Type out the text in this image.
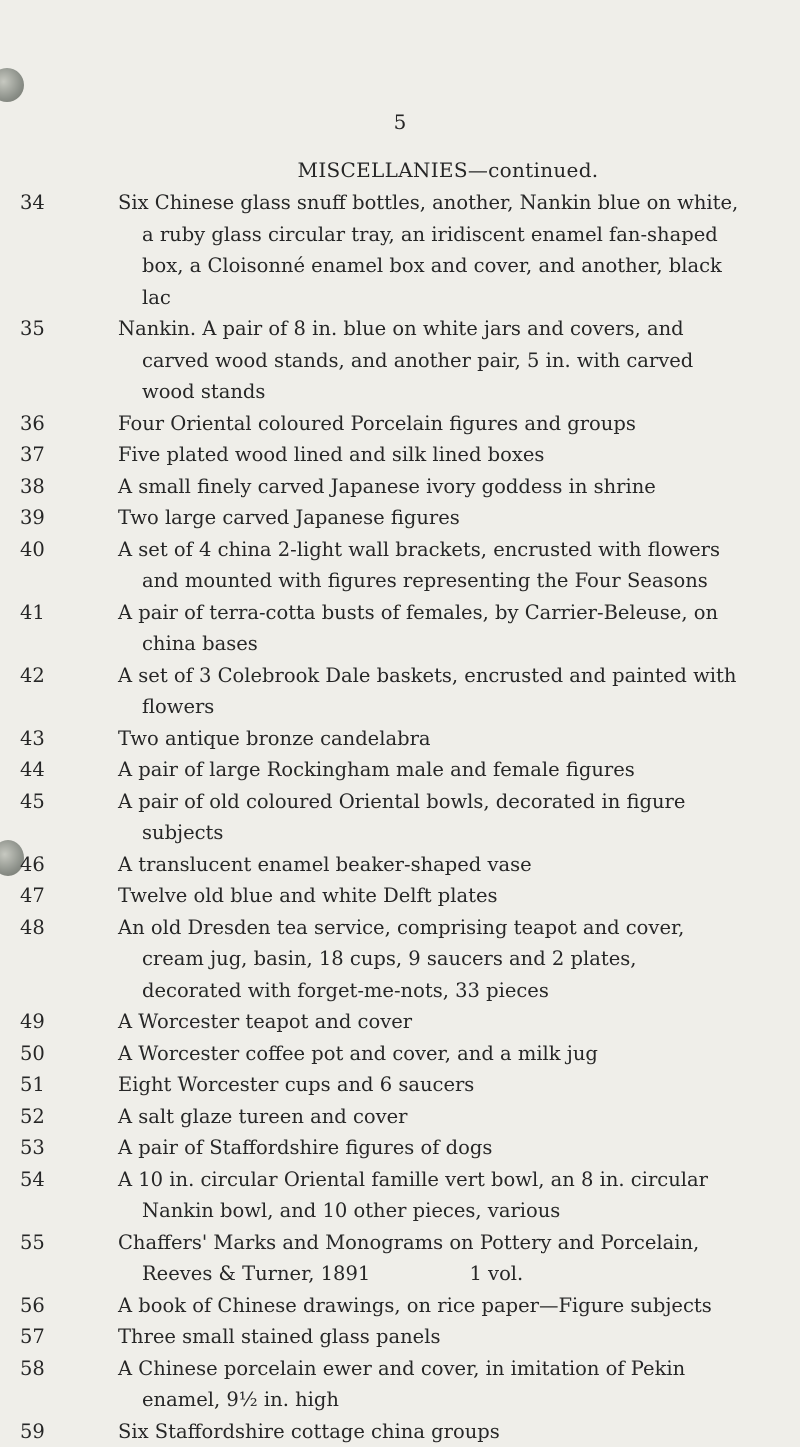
5
MISCELLANIES—continued.
34	Six Chinese glass snuff bottles, another, Nankin blue on white, a ruby glass circular tray, an iridiscent enamel fan-shaped box, a Cloisonné enamel box and cover, and another, black lac
35	Nankin. A pair of 8 in. blue on white jars and covers, and carved wood stands, and another pair, 5 in. with carved wood stands
36	Four Oriental coloured Porcelain figures and groups
37	Five plated wood lined and silk lined boxes
38	A small finely carved Japanese ivory goddess in shrine
39	Two large carved Japanese figures
40	A set of 4 china 2-light wall brackets, encrusted with flowers and mounted with figures representing the Four Seasons
41	A pair of terra-cotta busts of females, by Carrier-Beleuse, on china bases
42	A set of 3 Colebrook Dale baskets, encrusted and painted with flowers
43	Two antique bronze candelabra
44	A pair of large Rockingham male and female figures
45	A pair of old coloured Oriental bowls, decorated in figure subjects
46	A translucent enamel beaker-shaped vase
47	Twelve old blue and white Delft plates
48	An old Dresden tea service, comprising teapot and cover, cream jug, basin, 18 cups, 9 saucers and 2 plates, decorated with forget-me-nots, 33 pieces
49	A Worcester teapot and cover
50	A Worcester coffee pot and cover, and a milk jug
51	Eight Worcester cups and 6 saucers
52	A salt glaze tureen and cover
53	A pair of Staffordshire figures of dogs
54	A 10 in. circular Oriental famille vert bowl, an 8 in. circular Nankin bowl, and 10 other pieces, various
55	Chaffers' Marks and Monograms on Pottery and Porcelain, Reeves & Turner, 1891                1 vol.
56	A book of Chinese drawings, on rice paper—Figure subjects
57	Three small stained glass panels
58	A Chinese porcelain ewer and cover, in imitation of Pekin enamel, 9½ in. high
59	Six Staffordshire cottage china groups
